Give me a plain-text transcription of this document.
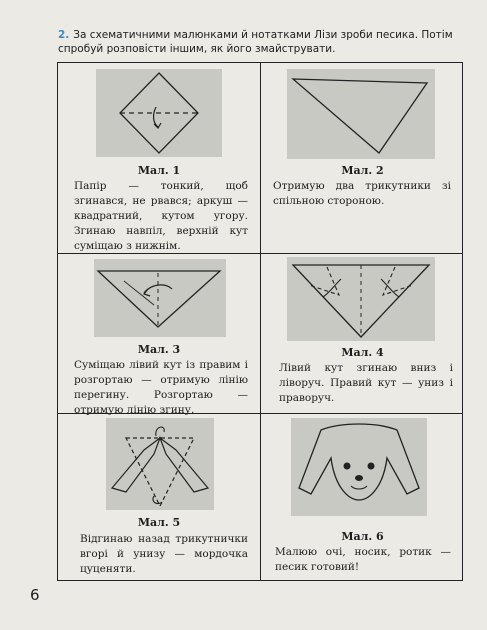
2. За схематичними малюнками й нотатками Лізи зроби песика. Потім спробуй розповісти іншим, як його змайструвати.
Мал. 1
Папір — тонкий, щоб згинався, не рвався; аркуш — квадратний, кутом угору. Згинаю навпіл, верхній кут суміщаю з нижнім.
Мал. 2
Отримую два трикутники зі спільною стороною.
Мал. 3
Суміщаю лівий кут із правим і розгортаю — отримую лінію перегину. Розгортаю — отримую лінію згину.
Мал. 4
Лівий кут згинаю вниз і ліворуч. Правий кут — униз і праворуч.
Мал. 5
Відгинаю назад трикутнички вгорі й унизу — мордочка цуценяти.
Мал. 6
Малюю очі, носик, ротик — песик готовий!
6
